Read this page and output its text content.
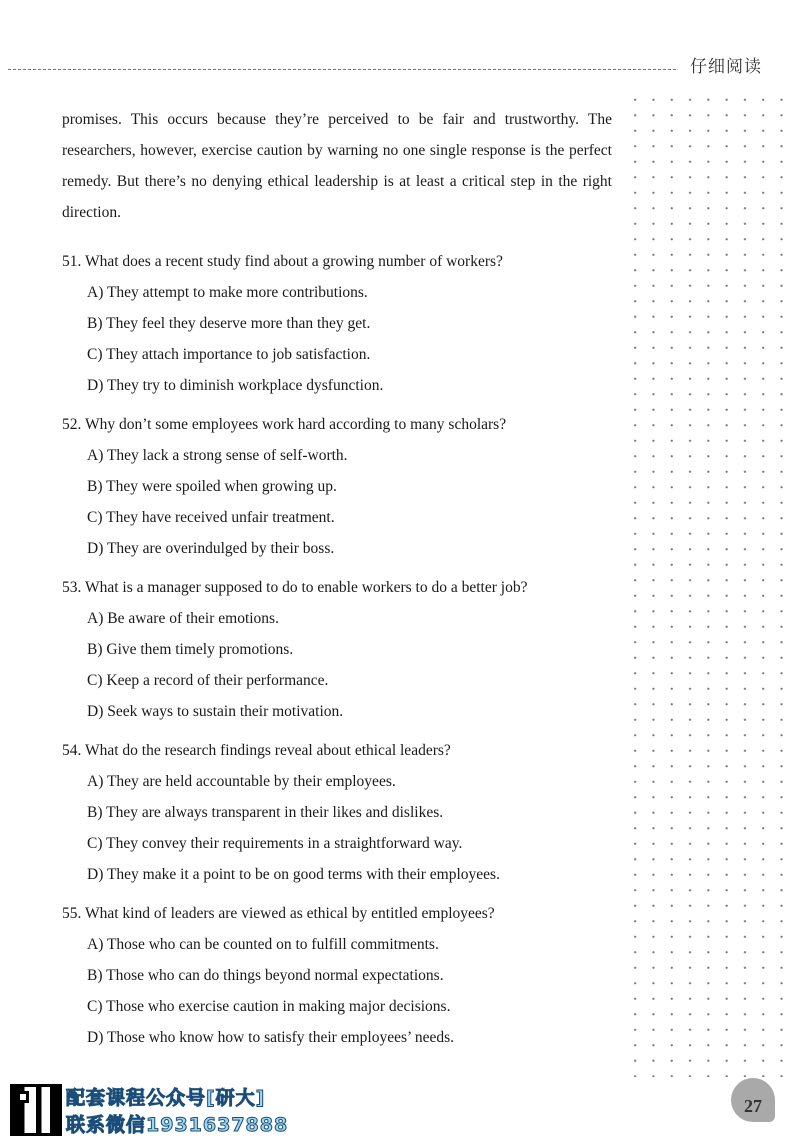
仔细阅读

promises. This occurs because they’re perceived to be fair and trustworthy. The researchers, however, exercise caution by warning no one single response is the perfect remedy. But there’s no denying ethical leadership is at least a critical step in the right direction.

51. What does a recent study find about a growing number of workers?
A) They attempt to make more contributions.
B) They feel they deserve more than they get.
C) They attach importance to job satisfaction.
D) They try to diminish workplace dysfunction.
52. Why don’t some employees work hard according to many scholars?
A) They lack a strong sense of self-worth.
B) They were spoiled when growing up.
C) They have received unfair treatment.
D) They are overindulged by their boss.
53. What is a manager supposed to do to enable workers to do a better job?
A) Be aware of their emotions.
B) Give them timely promotions.
C) Keep a record of their performance.
D) Seek ways to sustain their motivation.
54. What do the research findings reveal about ethical leaders?
A) They are held accountable by their employees.
B) They are always transparent in their likes and dislikes.
C) They convey their requirements in a straightforward way.
D) They make it a point to be on good terms with their employees.
55. What kind of leaders are viewed as ethical by entitled employees?
A) Those who can be counted on to fulfill commitments.
B) Those who can do things beyond normal expectations.
C) Those who exercise caution in making major decisions.
D) Those who know how to satisfy their employees’ needs.
配套课程公众号[研大]
联系微信1931637888
27
